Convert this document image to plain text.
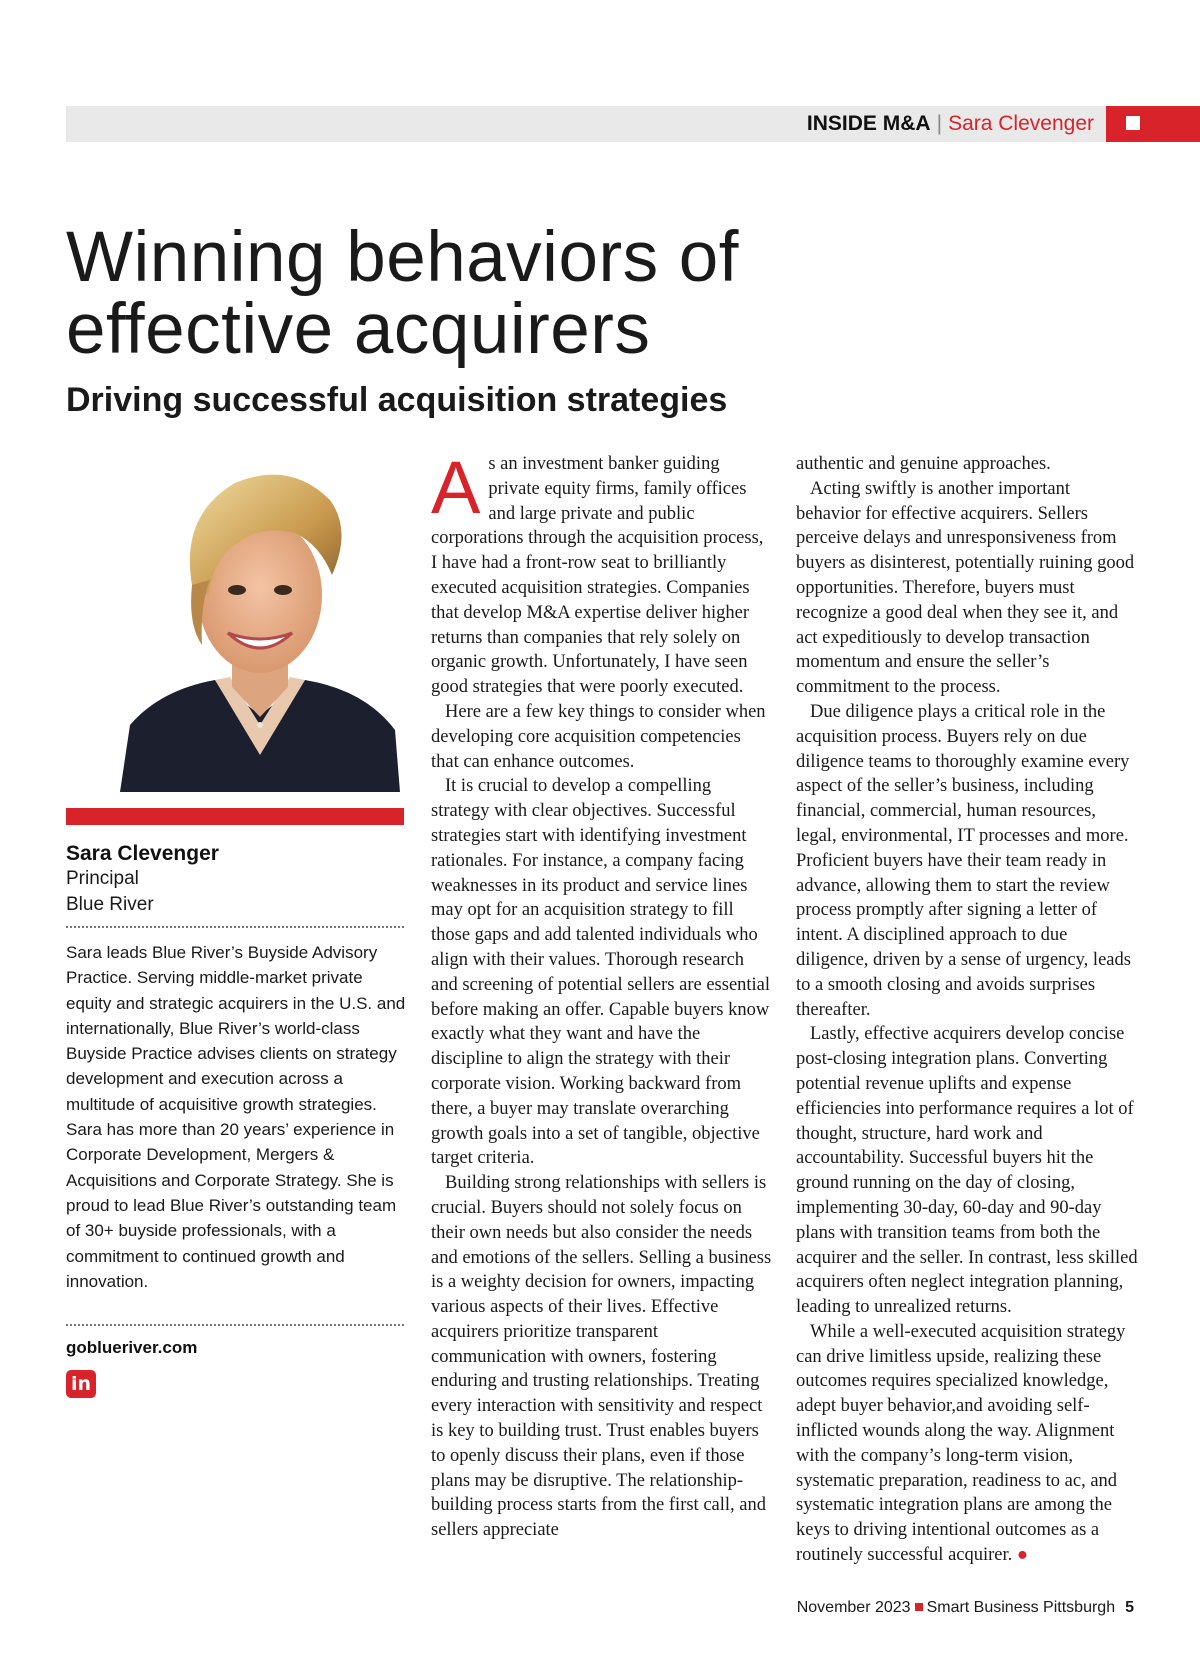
INSIDE M&A | Sara Clevenger
Winning behaviors of
effective acquirers
Driving successful acquisition strategies
Sara Clevenger
Principal
Blue River

Sara leads Blue River’s Buyside Advisory Practice. Serving middle-market private equity and strategic acquirers in the U.S. and internationally, Blue River’s world-class Buyside Practice advises clients on strategy development and execution across a multitude of acquisitive growth strategies. Sara has more than 20 years’ experience in Corporate Development, Mergers & Acquisitions and Corporate Strategy. She is proud to lead Blue River’s outstanding team of 30+ buyside professionals, with a commitment to continued growth and innovation.

goblueriver.com
in

As an investment banker guiding private equity firms, family offices and large private and public corporations through the acquisition process, I have had a front-row seat to brilliantly executed acquisition strategies. Companies that develop M&A expertise deliver higher returns than companies that rely solely on organic growth. Unfortunately, I have seen good strategies that were poorly executed.

Here are a few key things to consider when developing core acquisition competencies that can enhance outcomes.

It is crucial to develop a compelling strategy with clear objectives. Successful strategies start with identifying investment rationales. For instance, a company facing weaknesses in its product and service lines may opt for an acquisition strategy to fill those gaps and add talented individuals who align with their values. Thorough research and screening of potential sellers are essential before making an offer. Capable buyers know exactly what they want and have the discipline to align the strategy with their corporate vision. Working backward from there, a buyer may translate overarching growth goals into a set of tangible, objective target criteria.

Building strong relationships with sellers is crucial. Buyers should not solely focus on their own needs but also consider the needs and emotions of the sellers. Selling a business is a weighty decision for owners, impacting various aspects of their lives. Effective acquirers prioritize transparent communication with owners, fostering enduring and trusting relationships. Treating every interaction with sensitivity and respect is key to building trust. Trust enables buyers to openly discuss their plans, even if those plans may be disruptive. The relationship-building process starts from the first call, and sellers appreciate

authentic and genuine approaches.

Acting swiftly is another important behavior for effective acquirers. Sellers perceive delays and unresponsiveness from buyers as disinterest, potentially ruining good opportunities. Therefore, buyers must recognize a good deal when they see it, and act expeditiously to develop transaction momentum and ensure the seller’s commitment to the process.

Due diligence plays a critical role in the acquisition process. Buyers rely on due diligence teams to thoroughly examine every aspect of the seller’s business, including financial, commercial, human resources, legal, environmental, IT processes and more. Proficient buyers have their team ready in advance, allowing them to start the review process promptly after signing a letter of intent. A disciplined approach to due diligence, driven by a sense of urgency, leads to a smooth closing and avoids surprises thereafter.

Lastly, effective acquirers develop concise post-closing integration plans. Converting potential revenue uplifts and expense efficiencies into performance requires a lot of thought, structure, hard work and accountability. Successful buyers hit the ground running on the day of closing, implementing 30-day, 60-day and 90-day plans with transition teams from both the acquirer and the seller. In contrast, less skilled acquirers often neglect integration planning, leading to unrealized returns.

While a well-executed acquisition strategy can drive limitless upside, realizing these outcomes requires specialized knowledge, adept buyer behavior,and avoiding self-inflicted wounds along the way. Alignment with the company’s long-term vision, systematic preparation, readiness to ac, and systematic integration plans are among the keys to driving intentional outcomes as a routinely successful acquirer. ●

November 2023 Smart Business Pittsburgh 5
